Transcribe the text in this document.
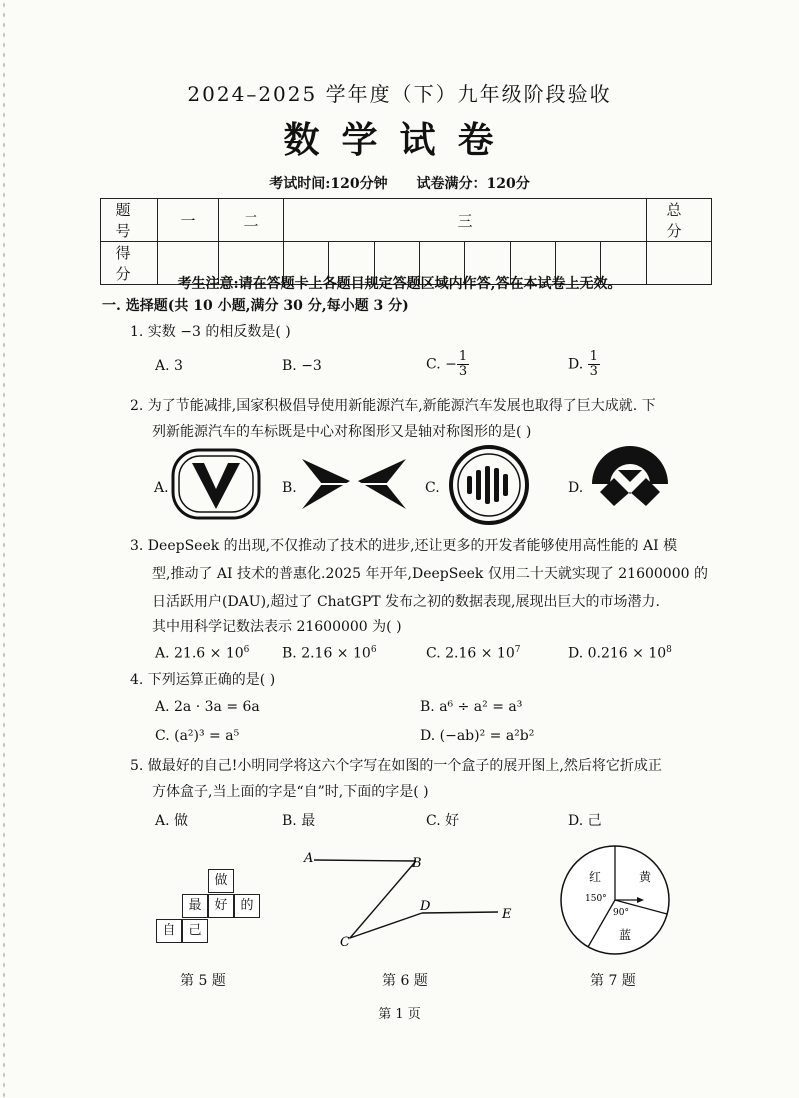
2024–2025 学年度（下）九年级阶段验收
数学试卷
考试时间:120分钟 试卷满分：120分
题 号	一	二	三								总 分
得 分											
考生注意:请在答题卡上各题目规定答题区域内作答,答在本试卷上无效。
一. 选择题(共 10 小题,满分 30 分,每小题 3 分)
1. 实数 −3 的相反数是( )
A. 3	B. −3	C. − $\frac{1}{3}$	D. $\frac{1}{3}$
2. 为了节能减排,国家积极倡导使用新能源汽车,新能源汽车发展也取得了巨大成就. 下
列新能源汽车的车标既是中心对称图形又是轴对称图形的是( )
A.	B.	C.	D.
3. DeepSeek 的出现,不仅推动了技术的进步,还让更多的开发者能够使用高性能的 AI 模
型,推动了 AI 技术的普惠化.2025 年开年,DeepSeek 仅用二十天就实现了 21600000 的
日活跃用户(DAU),超过了 ChatGPT 发布之初的数据表现,展现出巨大的市场潜力.
其中用科学记数法表示 21600000 为( )
A. $21.6 \times 10^6$ B. $2.16 \times 10^6$	C. $2.16 \times 10^7$	D. $0.216 \times 10^8$
4. 下列运算正确的是( )
A. 2a · 3a = 6a	B. a⁶ ÷ a² = a³
C. (a²)³ = a⁵	D. (−ab)² = a²b²
5. 做最好的自己!小明同学将这六个字写在如图的一个盒子的展开图上,然后将它折成正
方体盒子,当上面的字是“自”时,下面的字是( )
A. 做	B. 最	C. 好	D. 己
做
最 好 的
自 己
A	B
C
D
E
红	黄
蓝
150°
90°
第 5 题	第 6 题	第 7 题
第 1 页
